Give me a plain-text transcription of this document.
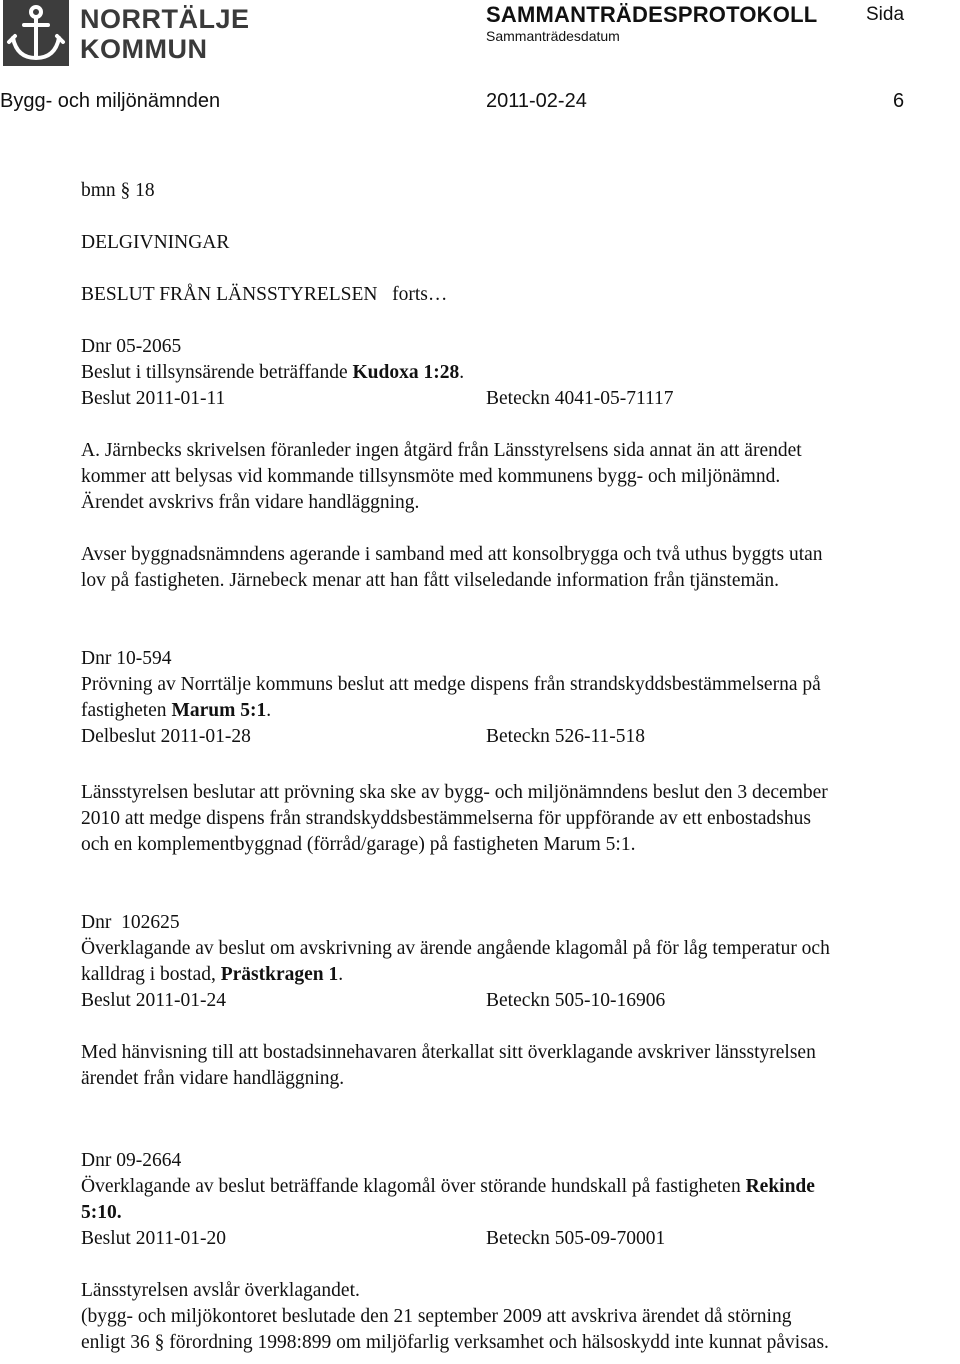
NORRTÄLJE
KOMMUN
SAMMANTRÄDESPROTOKOLL
Sammanträdesdatum
Sida
Bygg- och miljönämnden	2011-02-24	6
bmn § 18
DELGIVNINGAR
BESLUT FRÅN LÄNSSTYRELSEN   forts…
Dnr 05-2065
Beslut i tillsynsärende beträffande Kudoxa 1:28.
Beslut 2011-01-11	Beteckn 4041-05-71117
A. Järnbecks skrivelsen föranleder ingen åtgärd från Länsstyrelsens sida annat än att ärendet
kommer att belysas vid kommande tillsynsmöte med kommunens bygg- och miljönämnd.
Ärendet avskrivs från vidare handläggning.
Avser byggnadsnämndens agerande i samband med att konsolbrygga och två uthus byggts utan
lov på fastigheten. Järnebeck menar att han fått vilseledande information från tjänstemän.
Dnr 10-594
Prövning av Norrtälje kommuns beslut att medge dispens från strandskyddsbestämmelserna på
fastigheten Marum 5:1.
Delbeslut 2011-01-28	Beteckn 526-11-518
Länsstyrelsen beslutar att prövning ska ske av bygg- och miljönämndens beslut den 3 december
2010 att medge dispens från strandskyddsbestämmelserna för uppförande av ett enbostadshus
och en komplementbyggnad (förråd/garage) på fastigheten Marum 5:1.
Dnr  102625
Överklagande av beslut om avskrivning av ärende angående klagomål på för låg temperatur och
kalldrag i bostad, Prästkragen 1.
Beslut 2011-01-24	Beteckn 505-10-16906
Med hänvisning till att bostadsinnehavaren återkallat sitt överklagande avskriver länsstyrelsen
ärendet från vidare handläggning.
Dnr 09-2664
Överklagande av beslut beträffande klagomål över störande hundskall på fastigheten Rekinde
5:10.
Beslut 2011-01-20	Beteckn 505-09-70001
Länsstyrelsen avslår överklagandet.
(bygg- och miljökontoret beslutade den 21 september 2009 att avskriva ärendet då störning
enligt 36 § förordning 1998:899 om miljöfarlig verksamhet och hälsoskydd inte kunnat påvisas.
